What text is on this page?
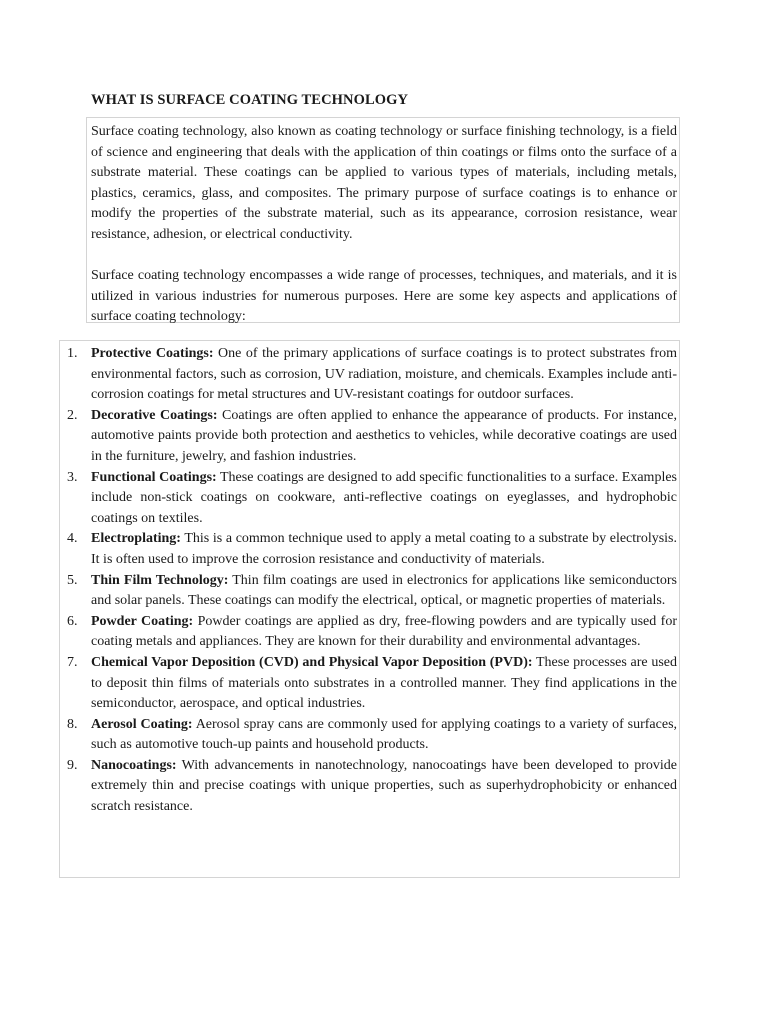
WHAT IS SURFACE COATING TECHNOLOGY

Surface coating technology, also known as coating technology or surface finishing technology, is a field of science and engineering that deals with the application of thin coatings or films onto the surface of a substrate material. These coatings can be applied to various types of materials, including metals, plastics, ceramics, glass, and composites. The primary purpose of surface coatings is to enhance or modify the properties of the substrate material, such as its appearance, corrosion resistance, wear resistance, adhesion, or electrical conductivity.

Surface coating technology encompasses a wide range of processes, techniques, and materials, and it is utilized in various industries for numerous purposes. Here are some key aspects and applications of surface coating technology:

1. Protective Coatings: One of the primary applications of surface coatings is to protect substrates from environmental factors, such as corrosion, UV radiation, moisture, and chemicals. Examples include anti-corrosion coatings for metal structures and UV-resistant coatings for outdoor surfaces.
2. Decorative Coatings: Coatings are often applied to enhance the appearance of products. For instance, automotive paints provide both protection and aesthetics to vehicles, while decorative coatings are used in the furniture, jewelry, and fashion industries.
3. Functional Coatings: These coatings are designed to add specific functionalities to a surface. Examples include non-stick coatings on cookware, anti-reflective coatings on eyeglasses, and hydrophobic coatings on textiles.
4. Electroplating: This is a common technique used to apply a metal coating to a substrate by electrolysis. It is often used to improve the corrosion resistance and conductivity of materials.
5. Thin Film Technology: Thin film coatings are used in electronics for applications like semiconductors and solar panels. These coatings can modify the electrical, optical, or magnetic properties of materials.
6. Powder Coating: Powder coatings are applied as dry, free-flowing powders and are typically used for coating metals and appliances. They are known for their durability and environmental advantages.
7. Chemical Vapor Deposition (CVD) and Physical Vapor Deposition (PVD): These processes are used to deposit thin films of materials onto substrates in a controlled manner. They find applications in the semiconductor, aerospace, and optical industries.
8. Aerosol Coating: Aerosol spray cans are commonly used for applying coatings to a variety of surfaces, such as automotive touch-up paints and household products.
9. Nanocoatings: With advancements in nanotechnology, nanocoatings have been developed to provide extremely thin and precise coatings with unique properties, such as superhydrophobicity or enhanced scratch resistance.
